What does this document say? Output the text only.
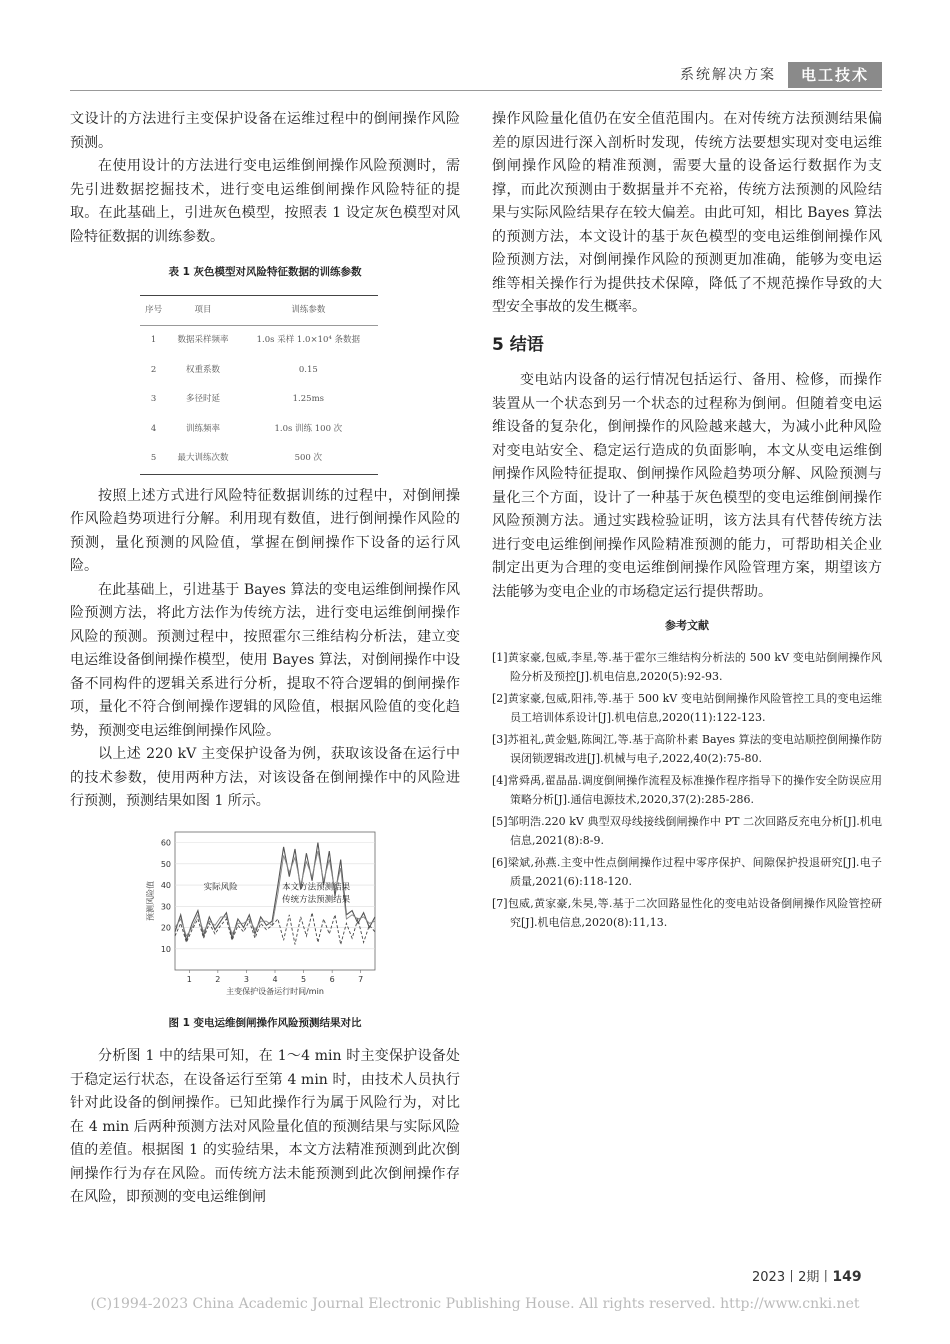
系统解决方案	电工技术

文设计的方法进行主变保护设备在运维过程中的倒闸操作风险预测。

在使用设计的方法进行变电运维倒闸操作风险预测时，需先引进数据挖掘技术，进行变电运维倒闸操作风险特征的提取。在此基础上，引进灰色模型，按照表 1 设定灰色模型对风险特征数据的训练参数。

表 1 灰色模型对风险特征数据的训练参数
序号	项目	训练参数
1	数据采样频率	1.0s 采样 1.0×10⁴ 条数据
2	权重系数	0.15
3	多径时延	1.25ms
4	训练频率	1.0s 训练 100 次
5	最大训练次数	500 次

按照上述方式进行风险特征数据训练的过程中，对倒闸操作风险趋势项进行分解。利用现有数值，进行倒闸操作风险的预测，量化预测的风险值，掌握在倒闸操作下设备的运行风险。

在此基础上，引进基于 Bayes 算法的变电运维倒闸操作风险预测方法，将此方法作为传统方法，进行变电运维倒闸操作风险的预测。预测过程中，按照霍尔三维结构分析法，建立变电运维设备倒闸操作模型，使用 Bayes 算法，对倒闸操作中设备不同构件的逻辑关系进行分析，提取不符合逻辑的倒闸操作项，量化不符合倒闸操作逻辑的风险值，根据风险值的变化趋势，预测变电运维倒闸操作风险。

以上述 220 kV 主变保护设备为例，获取该设备在运行中的技术参数，使用两种方法，对该设备在倒闸操作中的风险进行预测，预测结果如图 1 所示。

10
20
30
40
50
60
1	2	3	4	5	6	7
主变保护设备运行时间/min
预测风险值	实际风险	本文方法预测结果
传统方法预测结果
图 1 变电运维倒闸操作风险预测结果对比

分析图 1 中的结果可知，在 1～4 min 时主变保护设备处于稳定运行状态，在设备运行至第 4 min 时，由技术人员执行针对此设备的倒闸操作。已知此操作行为属于风险行为，对比在 4 min 后两种预测方法对风险量化值的预测结果与实际风险值的差值。根据图 1 的实验结果，本文方法精准预测到此次倒闸操作行为存在风险。而传统方法未能预测到此次倒闸操作存在风险，即预测的变电运维倒闸

操作风险量化值仍在安全值范围内。在对传统方法预测结果偏差的原因进行深入剖析时发现，传统方法要想实现对变电运维倒闸操作风险的精准预测，需要大量的设备运行数据作为支撑，而此次预测由于数据量并不充裕，传统方法预测的风险结果与实际风险结果存在较大偏差。由此可知，相比 Bayes 算法的预测方法，本文设计的基于灰色模型的变电运维倒闸操作风险预测方法，对倒闸操作风险的预测更加准确，能够为变电运维等相关操作行为提供技术保障，降低了不规范操作导致的大型安全事故的发生概率。

5 结语

变电站内设备的运行情况包括运行、备用、检修，而操作装置从一个状态到另一个状态的过程称为倒闸。但随着变电运维设备的复杂化，倒闸操作的风险越来越大，为减小此种风险对变电站安全、稳定运行造成的负面影响，本文从变电运维倒闸操作风险特征提取、倒闸操作风险趋势项分解、风险预测与量化三个方面，设计了一种基于灰色模型的变电运维倒闸操作风险预测方法。通过实践检验证明，该方法具有代替传统方法进行变电运维倒闸操作风险精准预测的能力，可帮助相关企业制定出更为合理的变电运维倒闸操作风险管理方案，期望该方法能够为变电企业的市场稳定运行提供帮助。

参考文献
[1]黄家豪,包威,李星,等.基于霍尔三维结构分析法的 500 kV 变电站倒闸操作风险分析及预控[J].机电信息,2020(5):92-93.
[2]黄家豪,包威,阳祎,等.基于 500 kV 变电站倒闸操作风险管控工具的变电运维员工培训体系设计[J].机电信息,2020(11):122-123.
[3]苏祖礼,黄金魁,陈闽江,等.基于高阶朴素 Bayes 算法的变电站顺控倒闸操作防误闭锁逻辑改进[J].机械与电子,2022,40(2):75-80.
[4]常舜禹,翟晶晶.调度倒闸操作流程及标准操作程序指导下的操作安全防误应用策略分析[J].通信电源技术,2020,37(2):285-286.
[5]邹明浩.220 kV 典型双母线接线倒闸操作中 PT 二次回路反充电分析[J].机电信息,2021(8):8-9.
[6]梁斌,孙燕.主变中性点倒闸操作过程中零序保护、间隙保护投退研究[J].电子质量,2021(6):118-120.
[7]包威,黄家豪,朱昊,等.基于二次回路显性化的变电站设备倒闸操作风险管控研究[J].机电信息,2020(8):11,13.
2023丨2期丨149
(C)1994-2023 China Academic Journal Electronic Publishing House. All rights reserved. http://www.cnki.net
